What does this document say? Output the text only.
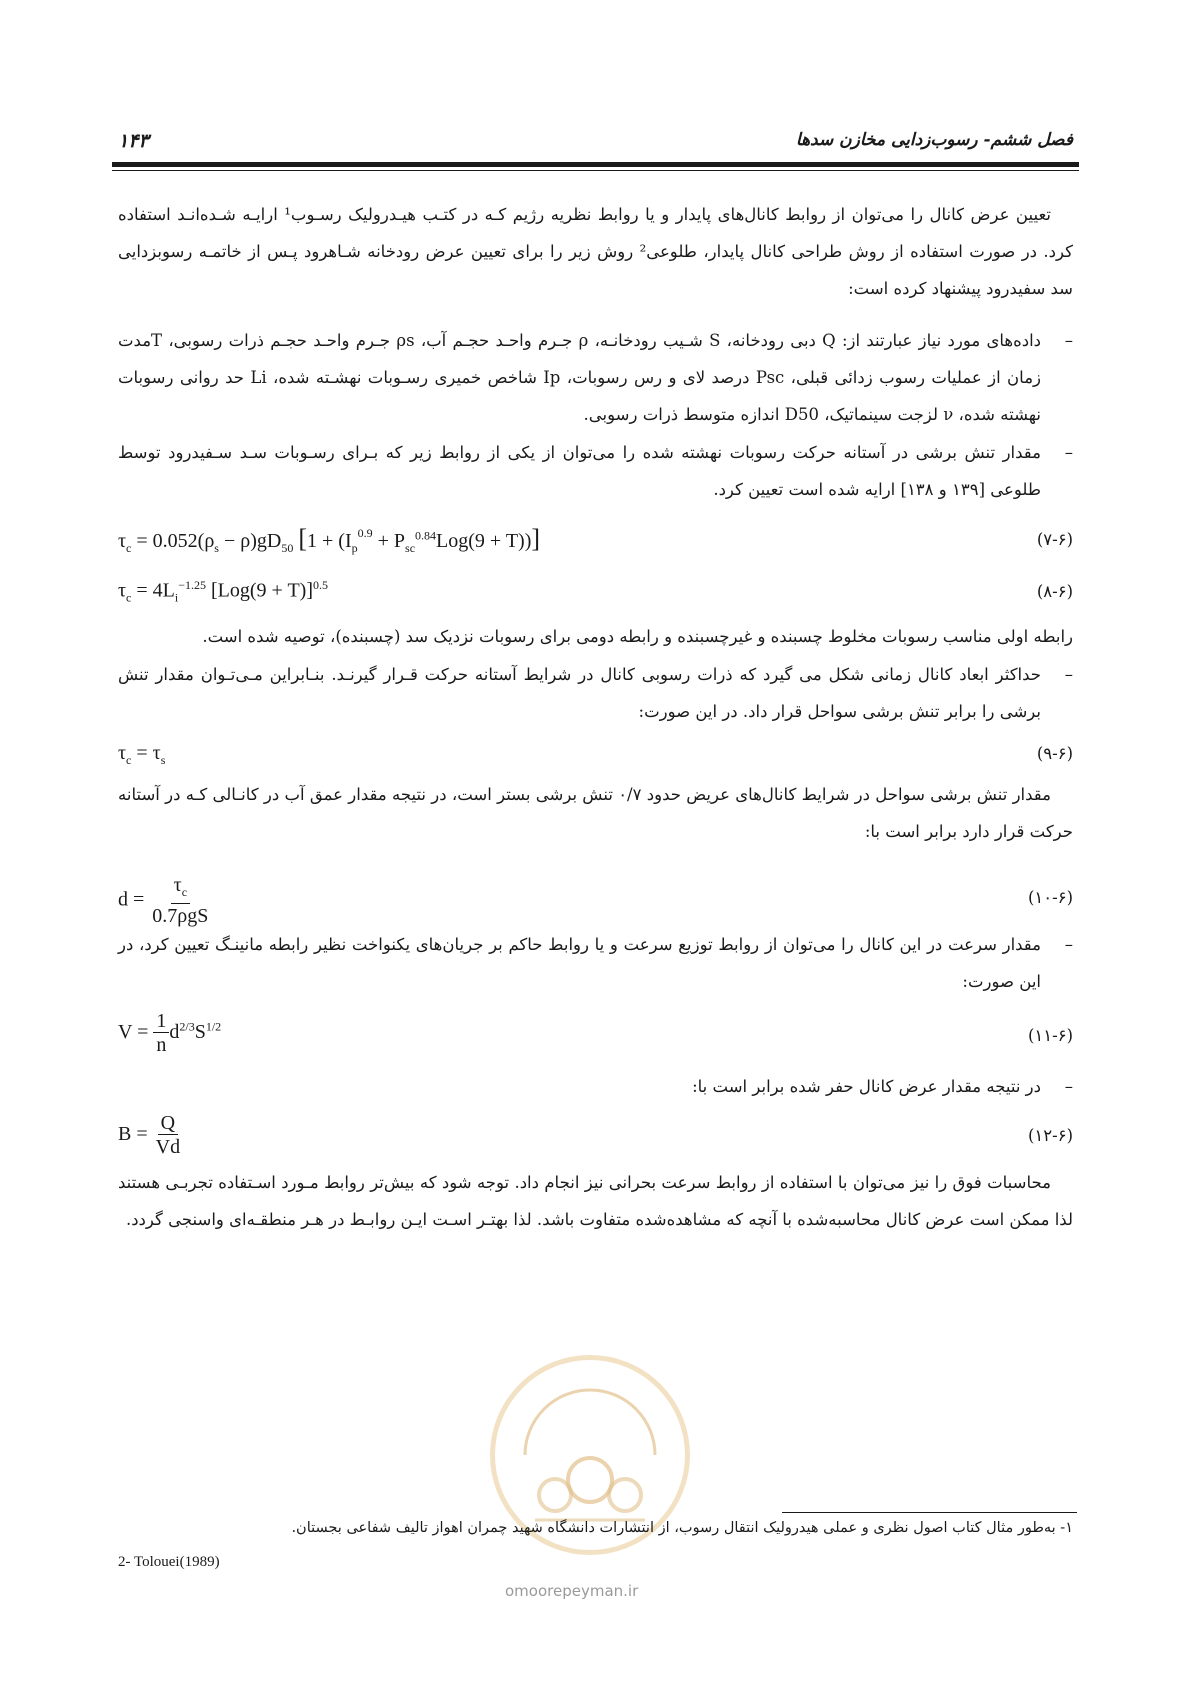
۱۴۳	فصل ششم- رسوب‌زدایی مخازن سدها
تعیین عرض کانال را می‌توان از روابط کانال‌های پایدار و یا روابط نظریه رژیم کـه در کتـب هیـدرولیک رسـوب¹ ارایـه شـده‌انـد استفاده کرد. در صورت استفاده از روش طراحی کانال پایدار، طلوعی² روش زیر را برای تعیین عرض رودخانه شـاهرود پـس از خاتمـه رسوبزدایی سد سفیدرود پیشنهاد کرده است:
–
داده‌های مورد نیاز عبارتند از: Q دبی رودخانه، S شـیب رودخانـه، ρ جـرم واحـد حجـم آب، ρs جـرم واحـد حجـم ذرات رسوبی، Tمدت زمان از عملیات رسوب زدائی قبلی، Psc درصد لای و رس رسوبات، Ip شاخص خمیری رسـوبات نهشـته شده، Li حد روانی رسوبات نهشته شده، ν لزجت سینماتیک، D50 اندازه متوسط ذرات رسوبی.
–
مقدار تنش برشی در آستانه حرکت رسوبات نهشته شده را می‌توان از یکی از روابط زیر که بـرای رسـوبات سـد سـفیدرود توسط طلوعی [۱۳۹ و ۱۳۸] ارایه شده است تعیین کرد.
$\tau_c = 0.052(\rho_s - \rho)gD_{50}$ $[1 + (I_p^{0.9} + P_{sc}^{0.84}Log(9 + T))]$	(۷-۶)
$\tau_c = 4L_i^{-1.25}$ $[Log(9 + T)]^{0.5}$	(۸-۶)
رابطه اولی مناسب رسوبات مخلوط چسبنده و غیرچسبنده و رابطه دومی برای رسوبات نزدیک سد (چسبنده)، توصیه شده است.
–
حداکثر ابعاد کانال زمانی شکل می گیرد که ذرات رسوبی کانال در شرایط آستانه حرکت قـرار گیرنـد. بنـابراین مـی‌تـوان مقدار تنش برشی را برابر تنش برشی سواحل قرار داد. در این صورت:
$\tau_c = \tau_s$	(۹-۶)
مقدار تنش برشی سواحل در شرایط کانال‌های عریض حدود ۰/۷ تنش برشی بستر است، در نتیجه مقدار عمق آب در کانـالی کـه در آستانه حرکت قرار دارد برابر است با:
$d = \frac{\tau_c}{\text{0.7ρgS}}$	(۱۰-۶)
–
مقدار سرعت در این کانال را می‌توان از روابط توزیع سرعت و یا روابط حاکم بر جریان‌های یکنواخت نظیر رابطه مانینـگ تعیین کرد، در این صورت:
$V = \frac{1}{n} d^{2/3}S^{1/2}$	(۱۱-۶)
–
در نتیجه مقدار عرض کانال حفر شده برابر است با:
$B = \frac{Q}{Vd}$	(۱۲-۶)
محاسبات فوق را نیز می‌توان با استفاده از روابط سرعت بحرانی نیز انجام داد. توجه شود که بیش‌تر روابط مـورد اسـتفاده تجربـی هستند لذا ممکن است عرض کانال محاسبه‌شده با آنچه که مشاهده‌شده متفاوت باشد. لذا بهتـر اسـت ایـن روابـط در هـر منطقـه‌ای واسنجی گردد.
omoorepeyman.ir
۱- به‌طور مثال کتاب اصول نظری و عملی هیدرولیک انتقال رسوب، از انتشارات دانشگاه شهید چمران اهواز تالیف شفاعی بجستان.
2- Tolouei(1989)
